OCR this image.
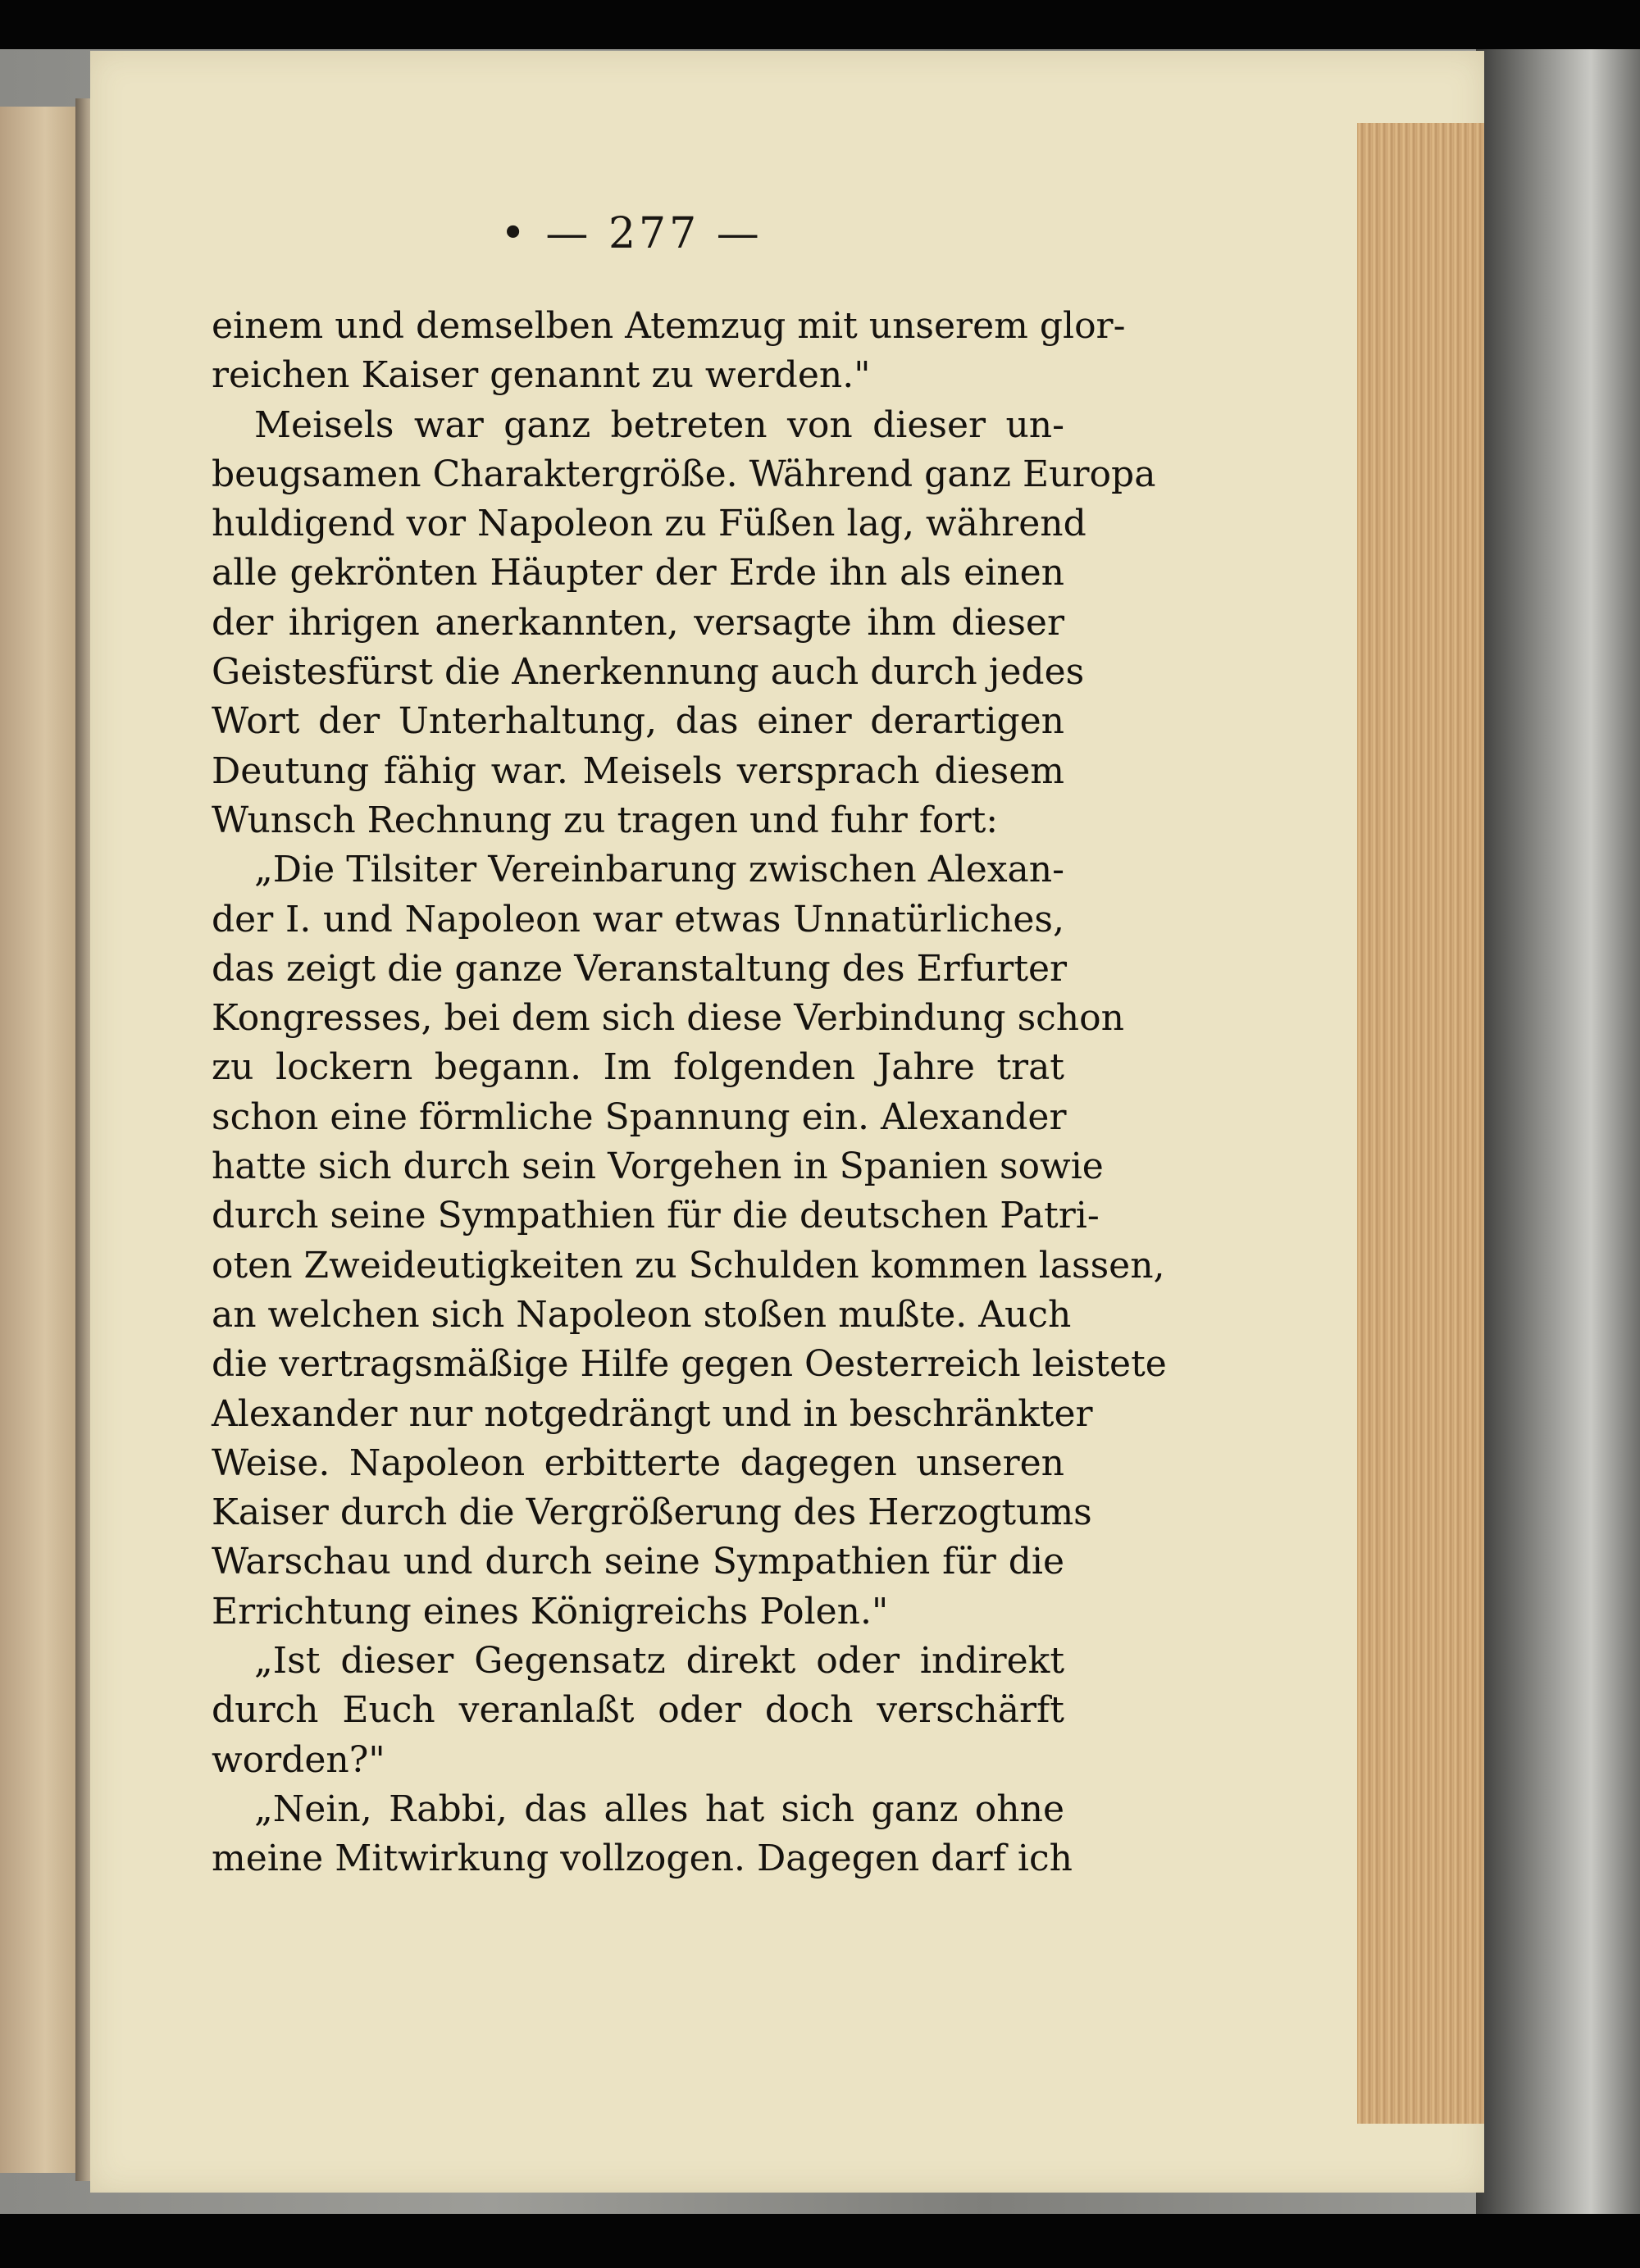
• — 277 —
einem und demselben Atemzug mit unserem glor-
reichen Kaiser genannt zu werden."
Meisels war ganz betreten von dieser un-
beugsamen Charaktergröße. Während ganz Europa
huldigend vor Napoleon zu Füßen lag, während
alle gekrönten Häupter der Erde ihn als einen
der ihrigen anerkannten, versagte ihm dieser
Geistesfürst die Anerkennung auch durch jedes
Wort der Unterhaltung, das einer derartigen
Deutung fähig war. Meisels versprach diesem
Wunsch Rechnung zu tragen und fuhr fort:
„Die Tilsiter Vereinbarung zwischen Alexan-
der I. und Napoleon war etwas Unnatürliches,
das zeigt die ganze Veranstaltung des Erfurter
Kongresses, bei dem sich diese Verbindung schon
zu lockern begann. Im folgenden Jahre trat
schon eine förmliche Spannung ein. Alexander
hatte sich durch sein Vorgehen in Spanien sowie
durch seine Sympathien für die deutschen Patri-
oten Zweideutigkeiten zu Schulden kommen lassen,
an welchen sich Napoleon stoßen mußte. Auch
die vertragsmäßige Hilfe gegen Oesterreich leistete
Alexander nur notgedrängt und in beschränkter
Weise. Napoleon erbitterte dagegen unseren
Kaiser durch die Vergrößerung des Herzogtums
Warschau und durch seine Sympathien für die
Errichtung eines Königreichs Polen."
„Ist dieser Gegensatz direkt oder indirekt
durch Euch veranlaßt oder doch verschärft
worden?"
„Nein, Rabbi, das alles hat sich ganz ohne
meine Mitwirkung vollzogen. Dagegen darf ich
